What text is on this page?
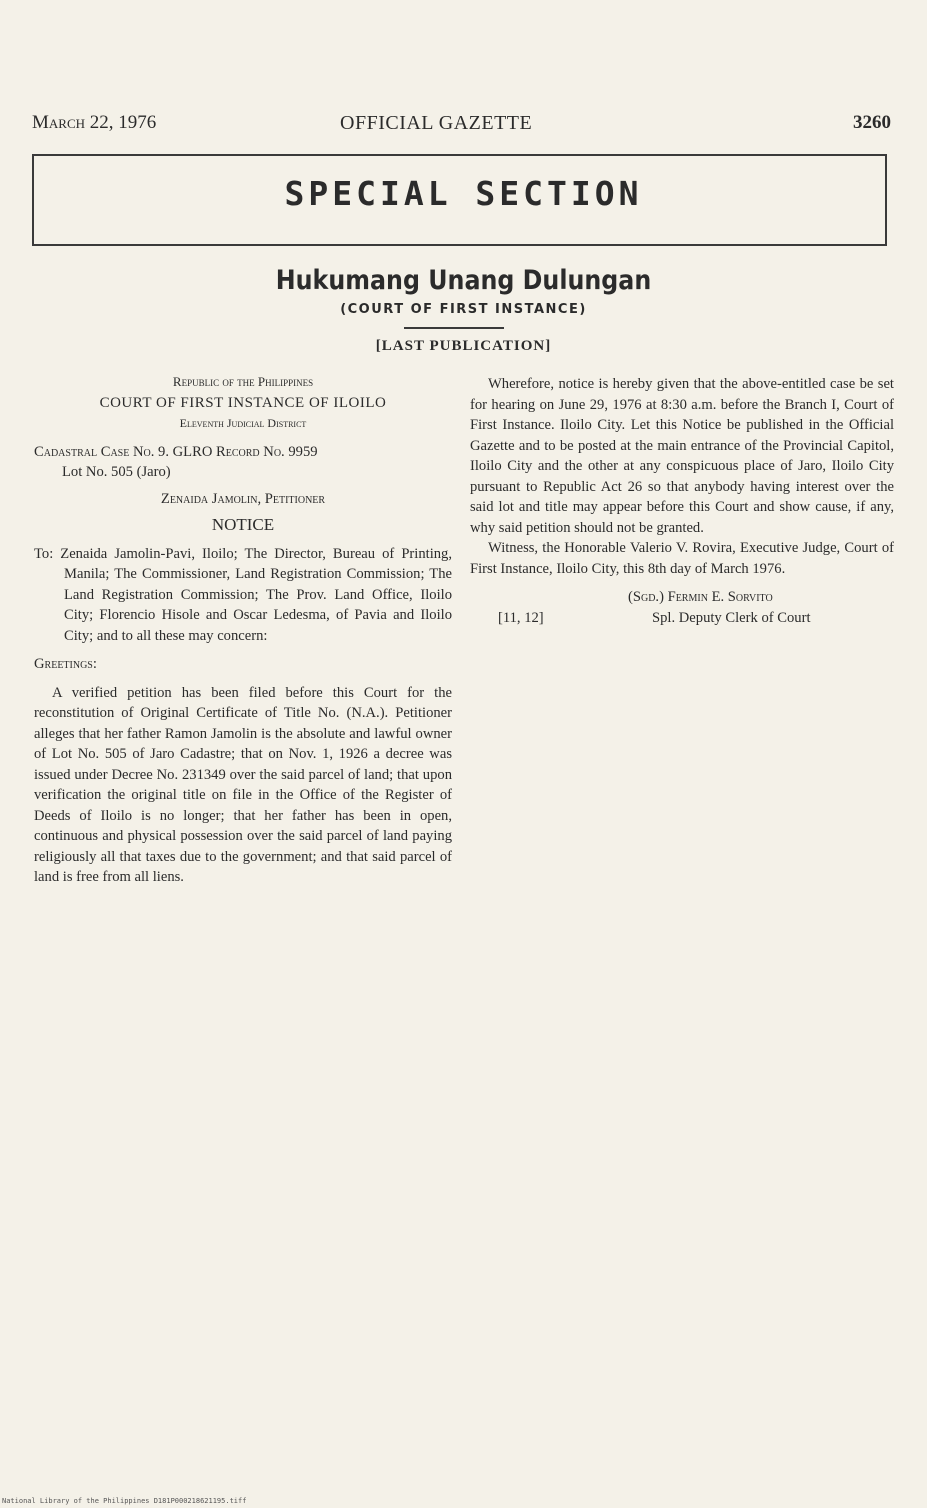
March 22, 1976	OFFICIAL GAZETTE	3260
SPECIAL SECTION
Hukumang Unang Dulungan
(COURT OF FIRST INSTANCE)
[LAST PUBLICATION]

Republic of the Philippines

COURT OF FIRST INSTANCE OF ILOILO

Eleventh Judicial District

Cadastral Case No. 9. GLRO Record No. 9959

Lot No. 505 (Jaro)

Zenaida Jamolin, Petitioner

NOTICE

To: Zenaida Jamolin-Pavi, Iloilo; The Director, Bureau of Printing, Manila; The Commissioner, Land Registration Commission; The Land Registration Commission; The Prov. Land Office, Iloilo City; Florencio Hisole and Oscar Ledesma, of Pavia and Iloilo City; and to all these may concern:

Greetings:

A verified petition has been filed before this Court for the reconstitution of Original Certificate of Title No. (N.A.). Petitioner alleges that her father Ramon Jamolin is the absolute and lawful owner of Lot No. 505 of Jaro Cadastre; that on Nov. 1, 1926 a decree was issued under Decree No. 231349 over the said parcel of land; that upon verification the original title on file in the Office of the Register of Deeds of Iloilo is no longer; that her father has been in open, continuous and physical possession over the said parcel of land paying religiously all that taxes due to the government; and that said parcel of land is free from all liens.

Wherefore, notice is hereby given that the above-entitled case be set for hearing on June 29, 1976 at 8:30 a.m. before the Branch I, Court of First Instance. Iloilo City. Let this Notice be published in the Official Gazette and to be posted at the main entrance of the Provincial Capitol, Iloilo City and the other at any conspicuous place of Jaro, Iloilo City pursuant to Republic Act 26 so that anybody having interest over the said lot and title may appear before this Court and show cause, if any, why said petition should not be granted.

Witness, the Honorable Valerio V. Rovira, Executive Judge, Court of First Instance, Iloilo City, this 8th day of March 1976.

(Sgd.) Fermin E. Sorvito
[11, 12]	Spl. Deputy Clerk of Court
National Library of the Philippines D181P000218621195.tiff
